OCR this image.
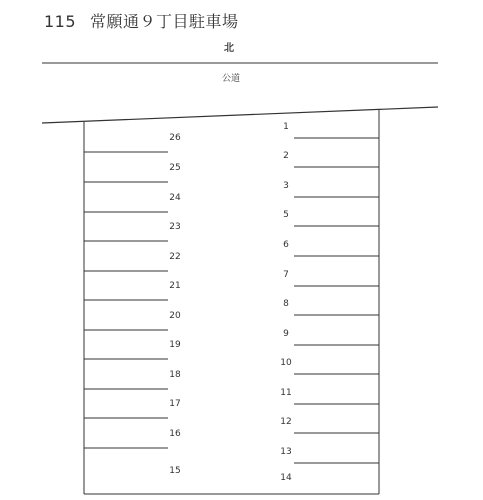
115 常願通９丁目駐車場
北
公道
26
25
24
23
22
21
20
19
18
17
16
15
1
2
3
5
6
7
8
9
10
11
12
13
14
